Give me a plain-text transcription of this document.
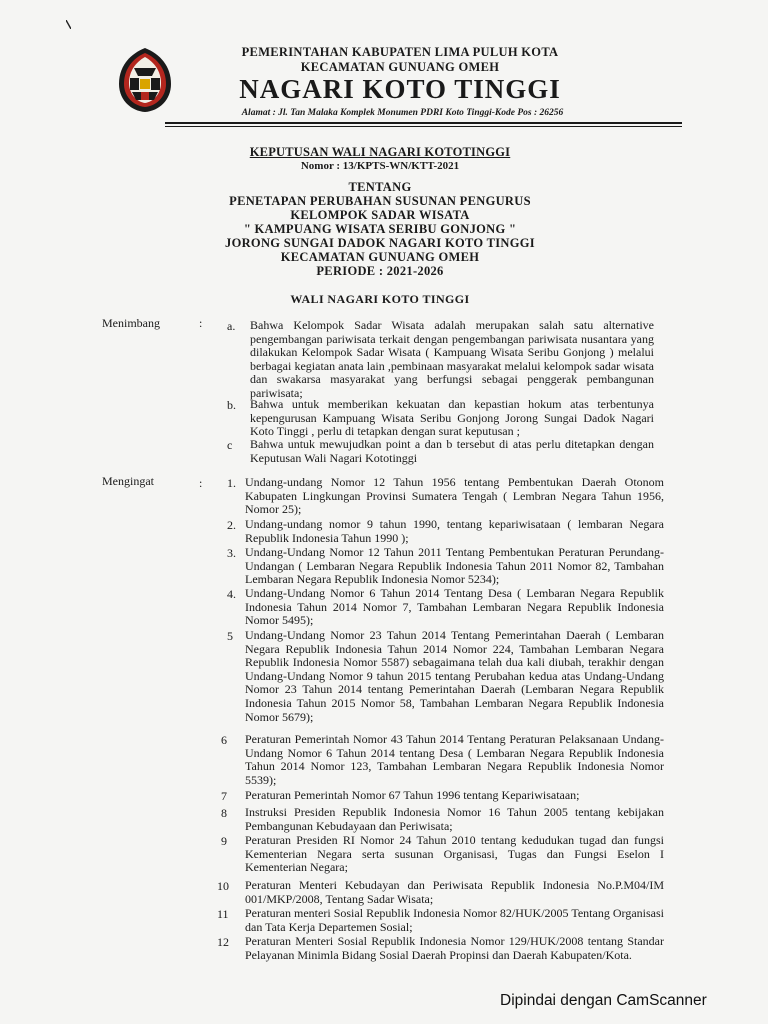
PEMERINTAHAN KABUPATEN LIMA PULUH KOTA
KECAMATAN GUNUANG OMEH
NAGARI KOTO TINGGI
Alamat : Jl. Tan Malaka Komplek Monumen PDRI Koto Tinggi-Kode Pos : 26256
KEPUTUSAN WALI NAGARI KOTOTINGGI
Nomor : 13/KPTS-WN/KTT-2021
TENTANG
PENETAPAN PERUBAHAN SUSUNAN PENGURUS
KELOMPOK SADAR WISATA
" KAMPUANG WISATA SERIBU GONJONG "
JORONG SUNGAI DADOK NAGARI KOTO TINGGI
KECAMATAN GUNUANG OMEH
PERIODE : 2021-2026
WALI NAGARI KOTO TINGGI
Menimbang	: a. Bahwa Kelompok Sadar Wisata adalah merupakan salah satu alternative pengembangan pariwisata terkait dengan pengembangan pariwisata nusantara yang dilakukan Kelompok Sadar Wisata ( Kampuang Wisata Seribu Gonjong ) melalui berbagai kegiatan anata lain ,pembinaan masyarakat melalui kelompok sadar wisata dan swakarsa masyarakat yang berfungsi sebagai penggerak pembangunan pariwisata;
b. Bahwa untuk memberikan kekuatan dan kepastian hokum atas terbentunya kepengurusan Kampuang Wisata Seribu Gonjong Jorong Sungai Dadok Nagari Koto Tinggi , perlu di tetapkan dengan surat keputusan ;
c Bahwa untuk mewujudkan point a dan b tersebut di atas perlu ditetapkan dengan Keputusan Wali Nagari Kototinggi
Mengingat	: 1. Undang-undang Nomor 12 Tahun 1956 tentang Pembentukan Daerah Otonom Kabupaten Lingkungan Provinsi Sumatera Tengah ( Lembran Negara Tahun 1956, Nomor 25);
2. Undang-undang nomor 9 tahun 1990, tentang kepariwisataan ( lembaran Negara Republik Indonesia Tahun 1990 );
3. Undang-Undang Nomor 12 Tahun 2011 Tentang Pembentukan Peraturan Perundang- Undangan ( Lembaran Negara Republik Indonesia Tahun 2011 Nomor 82, Tambahan Lembaran Negara Republik Indonesia Nomor 5234);
4. Undang-Undang Nomor 6 Tahun 2014 Tentang Desa ( Lembaran Negara Republik Indonesia Tahun 2014 Nomor 7, Tambahan Lembaran Negara Republik Indonesia Nomor 5495);
5 Undang-Undang Nomor 23 Tahun 2014 Tentang Pemerintahan Daerah ( Lembaran Negara Republik Indonesia Tahun 2014 Nomor 224, Tambahan Lembaran Negara Republik Indonesia Nomor 5587) sebagaimana telah dua kali diubah, terakhir dengan Undang-Undang Nomor 9 tahun 2015 tentang Perubahan kedua atas Undang-Undang Nomor 23 Tahun 2014 tentang Pemerintahan Daerah (Lembaran Negara Republik Indonesia Tahun 2015 Nomor 58, Tambahan Lembaran Negara Republik Indonesia Nomor 5679);
6 Peraturan Pemerintah Nomor 43 Tahun 2014 Tentang Peraturan Pelaksanaan Undang-Undang Nomor 6 Tahun 2014 tentang Desa ( Lembaran Negara Republik Indonesia Tahun 2014 Nomor 123, Tambahan Lembaran Negara Republik Indonesia Nomor 5539);
7 Peraturan Pemerintah Nomor 67 Tahun 1996 tentang Kepariwisataan;
8 Instruksi Presiden Republik Indonesia Nomor 16 Tahun 2005 tentang kebijakan Pembangunan Kebudayaan dan Periwisata;
9 Peraturan Presiden RI Nomor 24 Tahun 2010 tentang kedudukan tugad dan fungsi Kementerian Negara serta susunan Organisasi, Tugas dan Fungsi Eselon I Kementerian Negara;
10 Peraturan Menteri Kebudayan dan Periwisata Republik Indonesia No.P.M04/IM 001/MKP/2008, Tentang Sadar Wisata;
11 Peraturan menteri Sosial Republik Indonesia Nomor 82/HUK/2005 Tentang Organisasi dan Tata Kerja Departemen Sosial;
12 Peraturan Menteri Sosial Republik Indonesia Nomor 129/HUK/2008 tentang Standar Pelayanan Minimla Bidang Sosial Daerah Propinsi dan Daerah Kabupaten/Kota.
Dipindai dengan CamScanner
